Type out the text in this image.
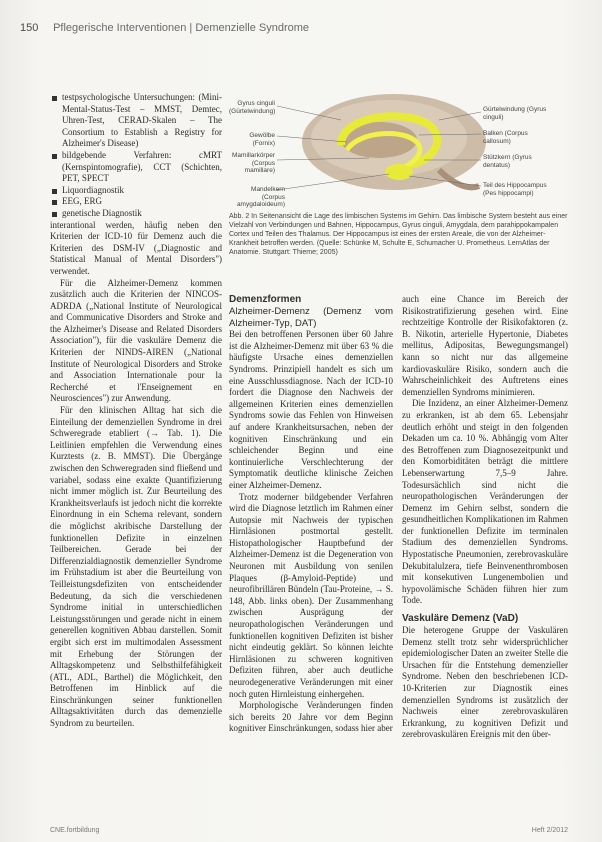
150 Pflegerische Interventionen | Demenzielle Syndrome
testpsychologische Untersuchungen: (Mini-Mental-Status-Test – MMST, Demtec, Uhren-Test, CERAD-Skalen – The Consortium to Establish a Registry for Alzheimer's Disease)
bildgebende Verfahren: cMRT (Kernspintomografie), CCT (Schichten, PET, SPECT
Liquordiagnostik
EEG, ERG
genetische Diagnostik

interantional werden, häufig neben den Kriterien der ICD-10 für Demenz auch die Kriterien des DSM-IV („Diagnostic and Statistical Manual of Mental Disorders") verwendet.

Für die Alzheimer-Demenz kommen zusätzlich auch die Kriterien der NINCOS-ADRDA („National Institute of Neurological and Communicative Disorders and Stroke and the Alzheimer's Disease and Related Disorders Association"), für die vaskuläre Demenz die Kriterien der NINDS-AIREN („National Institute of Neurological Disorders and Stroke and Association Internationale pour la Recherché et l'Enseignement en Neurosciences") zur Anwendung.

Für den klinischen Alltag hat sich die Einteilung der demenziellen Syndrome in drei Schweregrade etabliert (→ Tab. 1). Die Leitlinien empfehlen die Verwendung eines Kurztests (z. B. MMST). Die Übergänge zwischen den Schweregraden sind fließend und variabel, sodass eine exakte Quantifizierung nicht immer möglich ist. Zur Beurteilung des Krankheitsverlaufs ist jedoch nicht die korrekte Einordnung in ein Schema relevant, sondern die möglichst akribische Darstellung der funktionellen Defizite in einzelnen Teilbereichen. Gerade bei der Differenzialdiagnostik demenzieller Syndrome im Frühstadium ist aber die Beurteilung von Teilleistungsdefiziten von entscheidender Bedeutung, da sich die verschiedenen Syndrome initial in unterschiedlichen Leistungsstörungen und gerade nicht in einem generellen kognitiven Abbau darstellen. Somit ergibt sich erst im multimodalen Assessment mit Erhebung der Störungen der Alltagskompetenz und Selbsthilfefähigkeit (ATL, ADL, Barthel) die Möglichkeit, den Betroffenen im Hinblick auf die Einschränkungen seiner funktionellen Alltagsaktivitäten durch das demenzielle Syndrom zu beurteilen.

Gyrus cinguli (Gürtelwindung)
Gewölbe (Fornix)
Mamillarkörper (Corpus mamillare)
Mandelkern (Corpus amygdaloideum)
Gürtelwindung (Gyrus cinguli)
Balken (Corpus callosum)
Stützkern (Gyrus dentatus)
Teil des Hippocampus (Pes hippocampi)
Abb. 2 In Seitenansicht die Lage des limbischen Systems im Gehirn. Das limbische System besteht aus einer Vielzahl von Verbindungen und Bahnen, Hippocampus, Gyrus cinguli, Amygdala, dem parahippokampalen Cortex und Teilen des Thalamus. Der Hippocampus ist eines der ersten Areale, die von der Alzheimer-Krankheit betroffen werden. (Quelle: Schünke M, Schulte E, Schumacher U. Prometheus. LernAtlas der Anatomie. Stuttgart: Thieme; 2005)
Demenzformen
Alzheimer-Demenz (Demenz vom Alzheimer-Typ, DAT)

Bei den betroffenen Personen über 60 Jahre ist die Alzheimer-Demenz mit über 63 % die häufigste Ursache eines demenziellen Syndroms. Prinzipiell handelt es sich um eine Ausschlussdiagnose. Nach der ICD-10 fordert die Diagnose den Nachweis der allgemeinen Kriterien eines demenziellen Syndroms sowie das Fehlen von Hinweisen auf andere Krankheitsursachen, neben der kognitiven Einschränkung und ein schleichender Beginn und eine kontinuierliche Verschlechterung der Symptomatik deutliche klinische Zeichen einer Alzheimer-Demenz.

Trotz moderner bildgebender Verfahren wird die Diagnose letztlich im Rahmen einer Autopsie mit Nachweis der typischen Hirnläsionen postmortal gestellt. Histopathologischer Hauptbefund der Alzheimer-Demenz ist die Degeneration von Neuronen mit Ausbildung von senilen Plaques (β-Amyloid-Peptide) und neurofibrillären Bündeln (Tau-Proteine, → S. 148, Abb. links oben). Der Zusammenhang zwischen Ausprägung der neuropathologischen Veränderungen und funktionellen kognitiven Defiziten ist bisher nicht eindeutig geklärt. So können leichte Hirnläsionen zu schweren kognitiven Defiziten führen, aber auch deutliche neurodegenerative Veränderungen mit einer noch guten Hirnleistung einhergehen.

Morphologische Veränderungen finden sich bereits 20 Jahre vor dem Beginn kognitiver Einschränkungen, sodass hier aber

auch eine Chance im Bereich der Risikostratifizierung gesehen wird. Eine rechtzeitige Kontrolle der Risikofaktoren (z. B. Nikotin, arterielle Hypertonie, Diabetes mellitus, Adipositas, Bewegungsmangel) kann so nicht nur das allgemeine kardiovaskuläre Risiko, sondern auch die Wahrscheinlichkeit des Auftretens eines demenziellen Syndroms minimieren.

Die Inzidenz, an einer Alzheimer-Demenz zu erkranken, ist ab dem 65. Lebensjahr deutlich erhöht und steigt in den folgenden Dekaden um ca. 10 %. Abhängig vom Alter des Betroffenen zum Diagnosezeitpunkt und den Komorbiditäten beträgt die mittlere Lebenserwartung 7,5–9 Jahre. Todesursächlich sind nicht die neuropathologischen Veränderungen der Demenz im Gehirn selbst, sondern die gesundheitlichen Komplikationen im Rahmen der funktionellen Defizite im terminalen Stadium des demenziellen Syndroms. Hypostatische Pneumonien, zerebrovaskuläre Dekubitalulzera, tiefe Beinvenenthrombosen mit konsekutiven Lungenembolien und hypovolämische Schäden führen hier zum Tode.

Vaskuläre Demenz (VaD)

Die heterogene Gruppe der Vaskulären Demenz stellt trotz sehr widersprüchlicher epidemiologischer Daten an zweiter Stelle die Ursachen für die Entstehung demenzieller Syndrome. Neben den beschriebenen ICD-10-Kriterien zur Diagnostik eines demenziellen Syndroms ist zusätzlich der Nachweis einer zerebrovaskulären Erkrankung, zu kognitiven Defizit und zerebrovaskulären Ereignis mit den über-

CNE.fortbildung	Heft 2/2012
